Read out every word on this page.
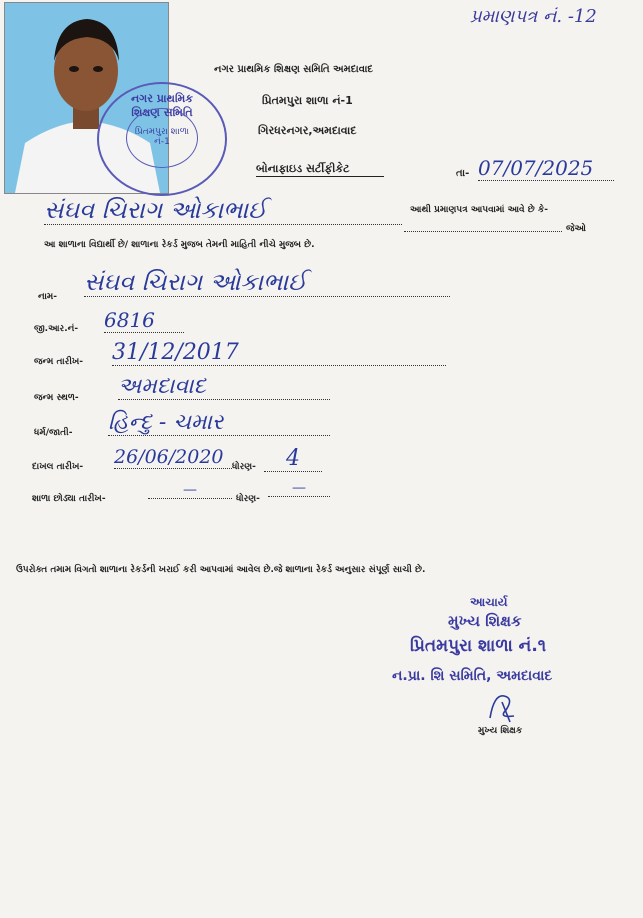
પ્રમાણપત્ર નં. -12
નગર પ્રાથમિક શિક્ષણ સમિતિ
પ્રિતમપુરા શાળા નં-1
નગર પ્રાથમિક શિક્ષણ સમિતિ અમદાવાદ
પ્રિતમપુરા શાળા નં-1
ગિરધરનગર,અમદાવાદ
બોનાફાઇડ સર્ટીફીકેટ	તા- 07/07/2025
સંઘવ ચિરાગ ઓકાભાઈ	આથી પ્રમાણપત્ર આપવામાં આવે છે કે-
જેઓ
આ શાળાના વિદ્યાર્થી છે/ શાળાના રેકર્ડ મુજબ તેમની માહિતી નીચે મુજબ છે.
નામ-
સંઘવ ચિરાગ ઓકાભાઈ
જી.આર.નં- 6816
જન્મ તારીખ- 31/12/2017
જન્મ સ્થળ- અમદાવાદ
ધર્મ/જાતી- હિન્દુ - ચમાર
દાખલ તારીખ- 26/06/2020 ધોરણ-	4
શાળા છોડ્યા તારીખ-
—
ધોરણ-
—
ઉપરોક્ત તમામ વિગતો શાળાના રેકર્ડની ખરાઈ કરી આપવામાં આવેલ છે.જે શાળાના રેકર્ડ અનુસાર સંપૂર્ણ સાચી છે.
આચાર્ય
મુખ્ય શિક્ષક
પ્રિતમપુરા શાળા નં.૧
ન.પ્રા. શિ સમિતિ, અમદાવાદ
મુખ્ય શિક્ષક
